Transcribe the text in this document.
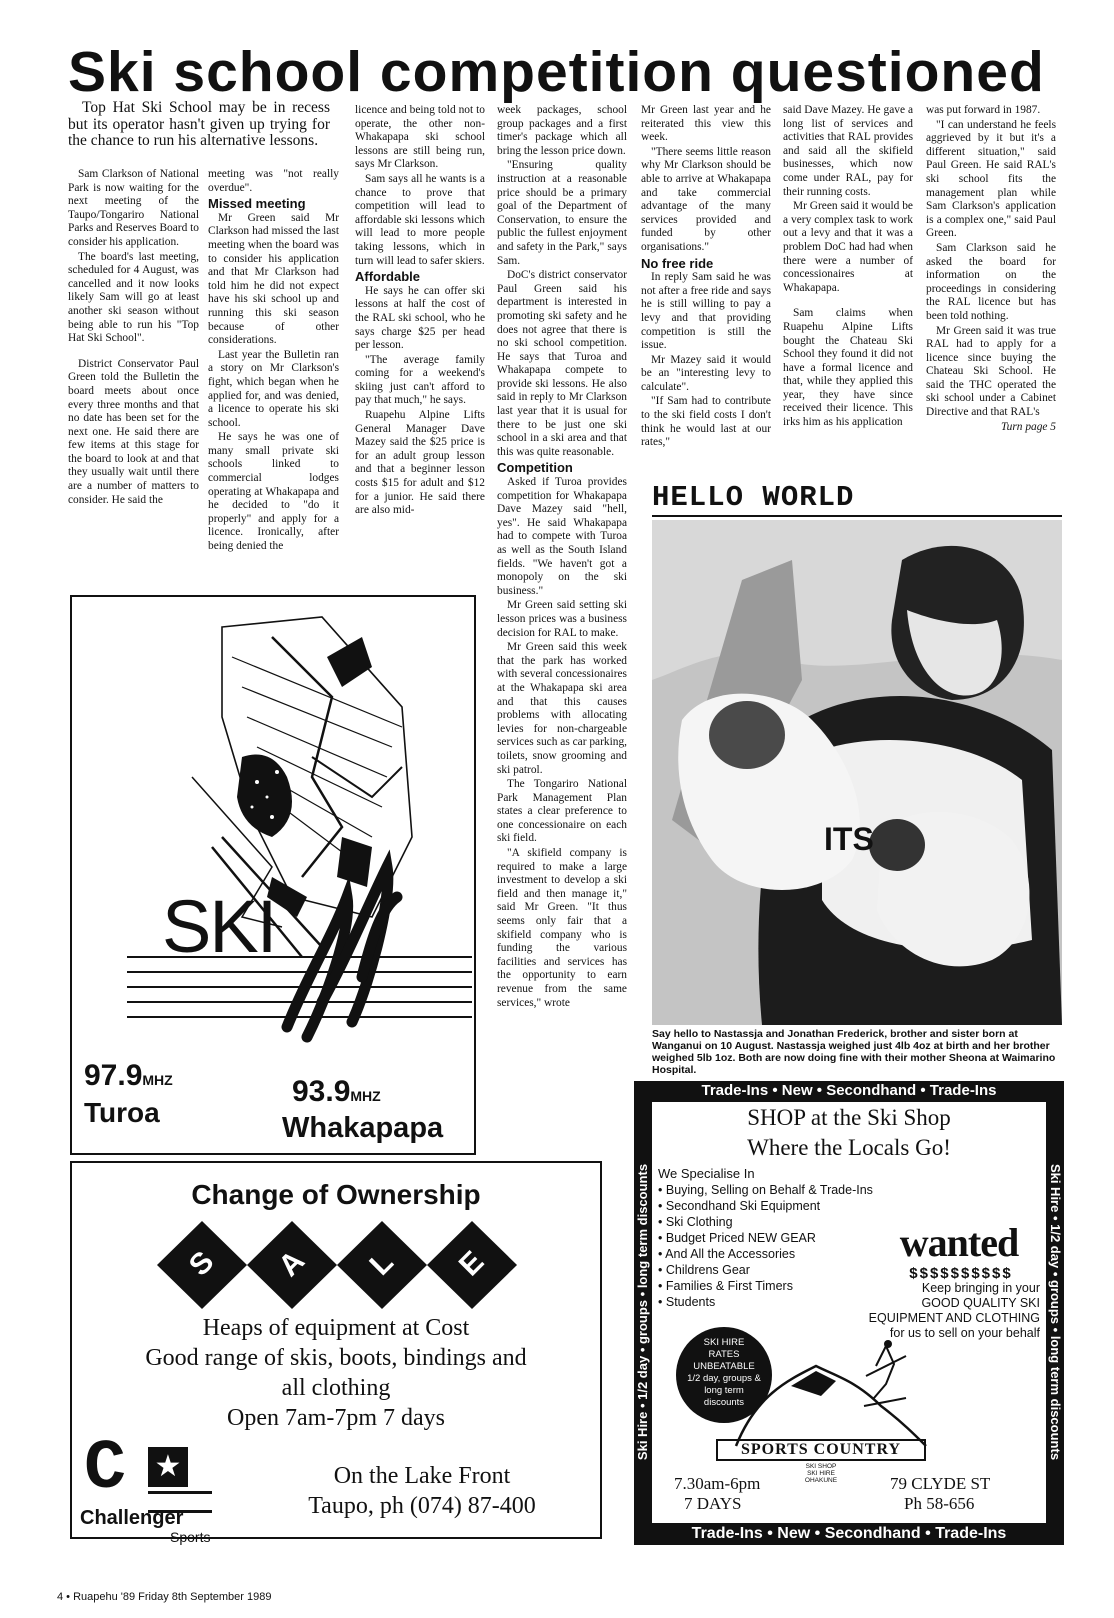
Ski school competition questioned

Top Hat Ski School may be in recess but its operator hasn't given up trying for the chance to run his alternative lessons.

Sam Clarkson of National Park is now waiting for the next meeting of the Taupo/Tongariro National Parks and Reserves Board to consider his application.

The board's last meeting, scheduled for 4 August, was cancelled and it now looks likely Sam will go at least another ski season without being able to run his "Top Hat Ski School".

District Conservator Paul Green told the Bulletin the board meets about once every three months and that no date has been set for the next one. He said there are few items at this stage for the board to look at and that they usually wait until there are a number of matters to consider. He said the

meeting was "not really overdue".

Missed meeting

Mr Green said Mr Clarkson had missed the last meeting when the board was to consider his application and that Mr Clarkson had told him he did not expect have his ski school up and running this ski season because of other considerations.

Last year the Bulletin ran a story on Mr Clarkson's fight, which began when he applied for, and was denied, a licence to operate his ski school.

He says he was one of many small private ski schools linked to commercial lodges operating at Whakapapa and he decided to "do it properly" and apply for a licence. Ironically, after being denied the

licence and being told not to operate, the other non-Whakapapa ski school lessons are still being run, says Mr Clarkson.

Sam says all he wants is a chance to prove that competition will lead to affordable ski lessons which will lead to more people taking lessons, which in turn will lead to safer skiers.

Affordable

He says he can offer ski lessons at half the cost of the RAL ski school, who he says charge $25 per head per lesson.

"The average family coming for a weekend's skiing just can't afford to pay that much," he says.

Ruapehu Alpine Lifts General Manager Dave Mazey said the $25 price is for an adult group lesson and that a beginner lesson costs $15 for adult and $12 for a junior. He said there are also mid-

week packages, school group packages and a first timer's package which all bring the lesson price down.

"Ensuring quality instruction at a reasonable price should be a primary goal of the Department of Conservation, to ensure the public the fullest enjoyment and safety in the Park," says Sam.

DoC's district conservator Paul Green said his department is interested in promoting ski safety and he does not agree that there is no ski school competition. He says that Turoa and Whakapapa compete to provide ski lessons. He also said in reply to Mr Clarkson last year that it is usual for there to be just one ski school in a ski area and that this was quite reasonable.

Competition

Asked if Turoa provides competition for Whakapapa Dave Mazey said "hell, yes". He said Whakapapa had to compete with Turoa as well as the South Island fields. "We haven't got a monopoly on the ski business."

Mr Green said setting ski lesson prices was a business decision for RAL to make.

Mr Green said this week that the park has worked with several concessionaires at the Whakapapa ski area and that this causes problems with allocating levies for non-chargeable services such as car parking, toilets, snow grooming and ski patrol.

The Tongariro National Park Management Plan states a clear preference to one concessionaire on each ski field.

"A skifield company is required to make a large investment to develop a ski field and then manage it," said Mr Green. "It thus seems only fair that a skifield company who is funding the various facilities and services has the opportunity to earn revenue from the same services," wrote

Mr Green last year and he reiterated this view this week.

"There seems little reason why Mr Clarkson should be able to arrive at Whakapapa and take commercial advantage of the many services provided and funded by other organisations."

No free ride

In reply Sam said he was not after a free ride and says he is still willing to pay a levy and that providing competition is still the issue.

Mr Mazey said it would be an "interesting levy to calculate".

"If Sam had to contribute to the ski field costs I don't think he would last at our rates,"

said Dave Mazey. He gave a long list of services and activities that RAL provides and said all the skifield businesses, which now come under RAL, pay for their running costs.

Mr Green said it would be a very complex task to work out a levy and that it was a problem DoC had had when there were a number of concessionaires at Whakapapa.

Sam claims when Ruapehu Alpine Lifts bought the Chateau Ski School they found it did not have a formal licence and that, while they applied this year, they have since received their licence. This irks him as his application

was put forward in 1987.

"I can understand he feels aggrieved by it but it's a different situation," said Paul Green. He said RAL's ski school fits the management plan while Sam Clarkson's application is a complex one," said Paul Green.

Sam Clarkson said he asked the board for information on the proceedings in considering the RAL licence but has been told nothing.

Mr Green said it was true RAL had to apply for a licence since buying the Chateau Ski School. He said the THC operated the ski school under a Cabinet Directive and that RAL's

Turn page 5

SKI
97.9MHZ
Turoa
93.9MHZ
Whakapapa
HELLO WORLD
ITS
Say hello to Nastassja and Jonathan Frederick, brother and sister born at Wanganui on 10 August. Nastassja weighed just 4lb 4oz at birth and her brother weighed 5lb 1oz. Both are now doing fine with their mother Sheona at Waimarino Hospital.
Change of Ownership
S A L E
Heaps of equipment at Cost
Good range of skis, boots, bindings and
all clothing
Open 7am-7pm 7 days
C ★
Challenger
Sports
On the Lake Front
Taupo, ph (074) 87-400
Trade-Ins • New • Secondhand • Trade-Ins
Trade-Ins • New • Secondhand • Trade-Ins
Ski Hire • 1/2 day • groups • long term discounts	Ski Hire • 1/2 day • groups • long term discounts
SHOP at the Ski Shop
Where the Locals Go!
We Specialise In
• Buying, Selling on Behalf & Trade-Ins
• Secondhand Ski Equipment
• Ski Clothing
• Budget Priced NEW GEAR
• And All the Accessories
• Childrens Gear
• Families & First Timers
• Students
wanted
$$$$$$$$$$
Keep bringing in your
GOOD QUALITY SKI
EQUIPMENT AND CLOTHING
for us to sell on your behalf
SKI HIRE
RATES
UNBEATABLE
1/2 day, groups &
long term
discounts
SPORTS COUNTRY
SKI SHOP
SKI HIRE
OHAKUNE
7.30am-6pm
7 DAYS
79 CLYDE ST
Ph 58-656
4 • Ruapehu '89 Friday 8th September 1989
